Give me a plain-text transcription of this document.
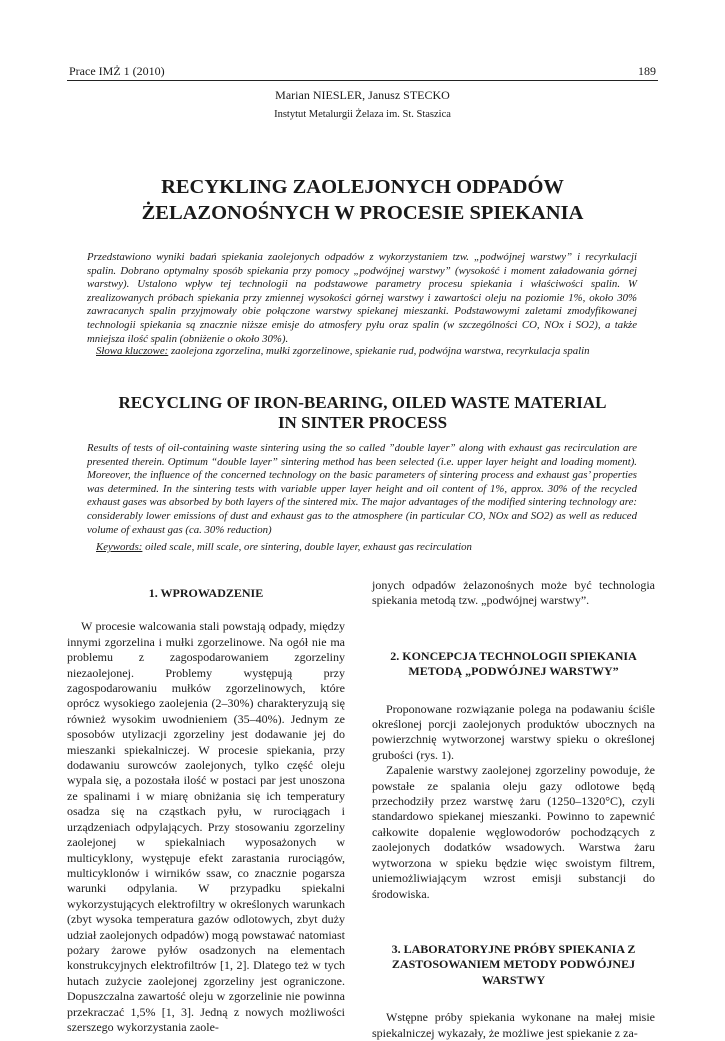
Prace IMŻ 1 (2010)	189
Marian NIESLER, Janusz STECKO
Instytut Metalurgii Żelaza im. St. Staszica
RECYKLING ZAOLEJONYCH ODPADÓW
ŻELAZONOŚNYCH W PROCESIE SPIEKANIA

Przedstawiono wyniki badań spiekania zaolejonych odpadów z wykorzystaniem tzw. „podwójnej warstwy” i recyrkulacji spalin. Dobrano optymalny sposób spiekania przy pomocy „podwójnej warstwy” (wysokość i moment załadowania górnej warstwy). Ustalono wpływ tej technologii na podstawowe parametry procesu spiekania i właściwości spalin. W zrealizowanych próbach spiekania przy zmiennej wysokości górnej warstwy i zawartości oleju na poziomie 1%, około 30% zawracanych spalin przyjmowały obie połączone warstwy spiekanej mieszanki. Podstawowymi zaletami zmodyfikowanej technologii spiekania są znacznie niższe emisje do atmosfery pyłu oraz spalin (w szczególności CO, NOx i SO2), a także mniejsza ilość spalin (obniżenie o około 30%).

Słowa kluczowe: zaolejona zgorzelina, mułki zgorzelinowe, spiekanie rud, podwójna warstwa, recyrkulacja spalin
RECYCLING OF IRON-BEARING, OILED WASTE MATERIAL
IN SINTER PROCESS

Results of tests of oil-containing waste sintering using the so called ”double layer” along with exhaust gas recirculation are presented therein. Optimum “double layer” sintering method has been selected (i.e. upper layer height and loading moment). Moreover, the influence of the concerned technology on the basic parameters of sintering process and exhaust gas’ properties was determined. In the sintering tests with variable upper layer height and oil content of 1%, approx. 30% of the recycled exhaust gases was absorbed by both layers of the sintered mix. The major advantages of the modified sintering technology are: considerably lower emissions of dust and exhaust gas to the atmosphere (in particular CO, NOx and SO2) as well as reduced volume of exhaust gas (ca. 30% reduction)

Keywords: oiled scale, mill scale, ore sintering, double layer, exhaust gas recirculation
1. WPROWADZENIE

W procesie walcowania stali powstają odpady, między innymi zgorzelina i mułki zgorzelinowe. Na ogół nie ma problemu z zagospodarowaniem zgorzeliny niezaolejonej. Problemy występują przy zagospodarowaniu mułków zgorzelinowych, które oprócz wysokiego zaolejenia (2–30%) charakteryzują się również wysokim uwodnieniem (35–40%). Jednym ze sposobów utylizacji zgorzeliny jest dodawanie jej do mieszanki spiekalniczej. W procesie spiekania, przy dodawaniu surowców zaolejonych, tylko część oleju wypala się, a pozostała ilość w postaci par jest unoszona ze spalinami i w miarę obniżania się ich temperatury osadza się na cząstkach pyłu, w rurociągach i urządzeniach odpylających. Przy stosowaniu zgorzeliny zaolejonej w spiekalniach wyposażonych w multicyklony, występuje efekt zarastania rurociągów, multicyklonów i wirników ssaw, co znacznie pogarsza warunki odpylania. W przypadku spiekalni wykorzystujących elektrofiltry w określonych warunkach (zbyt wysoka temperatura gazów odlotowych, zbyt duży udział zaolejonych odpadów) mogą powstawać natomiast pożary żarowe pyłów osadzonych na elementach konstrukcyjnych elektrofiltrów [1, 2]. Dlatego też w tych hutach zużycie zaolejonej zgorzeliny jest ograniczone. Dopuszczalna zawartość oleju w zgorzelinie nie powinna przekraczać 1,5% [1, 3]. Jedną z nowych możliwości szerszego wykorzystania zaole-

jonych odpadów żelazonośnych może być technologia spiekania metodą tzw. „podwójnej warstwy”.

2. KONCEPCJA TECHNOLOGII SPIEKANIA METODĄ „PODWÓJNEJ WARSTWY”

Proponowane rozwiązanie polega na podawaniu ściśle określonej porcji zaolejonych produktów ubocznych na powierzchnię wytworzonej warstwy spieku o określonej grubości (rys. 1).

Zapalenie warstwy zaolejonej zgorzeliny powoduje, że powstałe ze spalania oleju gazy odlotowe będą przechodziły przez warstwę żaru (1250–1320°C), czyli standardowo spiekanej mieszanki. Powinno to zapewnić całkowite dopalenie węglowodorów pochodzących z zaolejonych dodatków wsadowych. Warstwa żaru wytworzona w spieku będzie więc swoistym filtrem, uniemożliwiającym wzrost emisji substancji do środowiska.

3. LABORATORYJNE PRÓBY SPIEKANIA Z ZASTOSOWANIEM METODY PODWÓJNEJ WARSTWY

Wstępne próby spiekania wykonane na małej misie spiekalniczej wykazały, że możliwe jest spiekanie z za-
